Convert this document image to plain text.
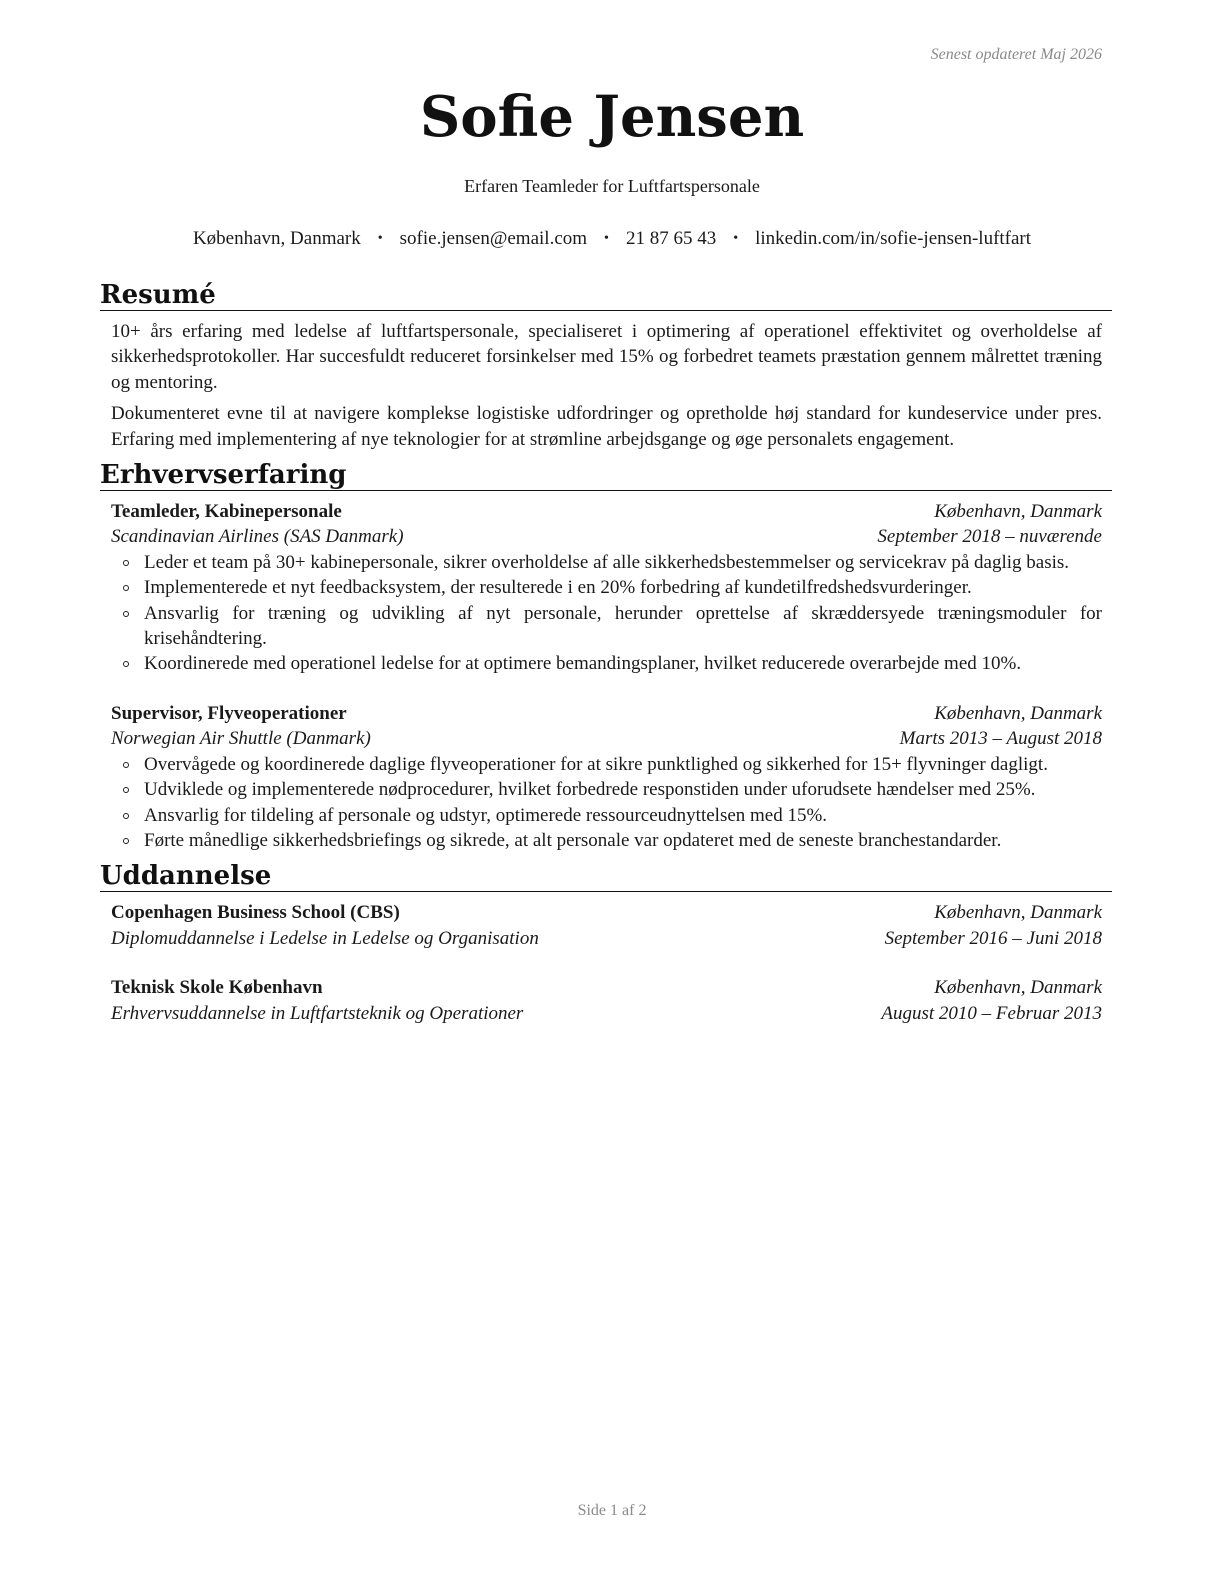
Senest opdateret Maj 2026
Sofie Jensen
Erfaren Teamleder for Luftfartspersonale
København, Danmark • sofie.jensen@email.com • 21 87 65 43 • linkedin.com/in/sofie-jensen-luftfart
Resumé

10+ års erfaring med ledelse af luftfartspersonale, specialiseret i optimering af operationel effektivitet og overholdelse af sikkerhedsprotokoller. Har succesfuldt reduceret forsinkelser med 15% og forbedret teamets præstation gennem målrettet træning og mentoring.

Dokumenteret evne til at navigere komplekse logistiske udfordringer og opretholde høj standard for kundeservice under pres. Erfaring med implementering af nye teknologier for at strømline arbejdsgange og øge personalets engagement.

Erhvervserfaring
Teamleder, Kabinepersonale	København, Danmark
Scandinavian Airlines (SAS Danmark)	September 2018 – nuværende
Leder et team på 30+ kabinepersonale, sikrer overholdelse af alle sikkerhedsbestemmelser og servicekrav på daglig basis.
Implementerede et nyt feedbacksystem, der resulterede i en 20% forbedring af kundetilfredshedsvurderinger.
Ansvarlig for træning og udvikling af nyt personale, herunder oprettelse af skræddersyede træningsmoduler for krisehåndtering.
Koordinerede med operationel ledelse for at optimere bemandingsplaner, hvilket reducerede overarbejde med 10%.
Supervisor, Flyveoperationer	København, Danmark
Norwegian Air Shuttle (Danmark)	Marts 2013 – August 2018
Overvågede og koordinerede daglige flyveoperationer for at sikre punktlighed og sikkerhed for 15+ flyvninger dagligt.
Udviklede og implementerede nødprocedurer, hvilket forbedrede responstiden under uforudsete hændelser med 25%.
Ansvarlig for tildeling af personale og udstyr, optimerede ressourceudnyttelsen med 15%.
Førte månedlige sikkerhedsbriefings og sikrede, at alt personale var opdateret med de seneste branchestandarder.
Uddannelse
Copenhagen Business School (CBS)	København, Danmark
Diplomuddannelse i Ledelse in Ledelse og Organisation	September 2016 – Juni 2018
Teknisk Skole København	København, Danmark
Erhvervsuddannelse in Luftfartsteknik og Operationer	August 2010 – Februar 2013
Side 1 af 2
